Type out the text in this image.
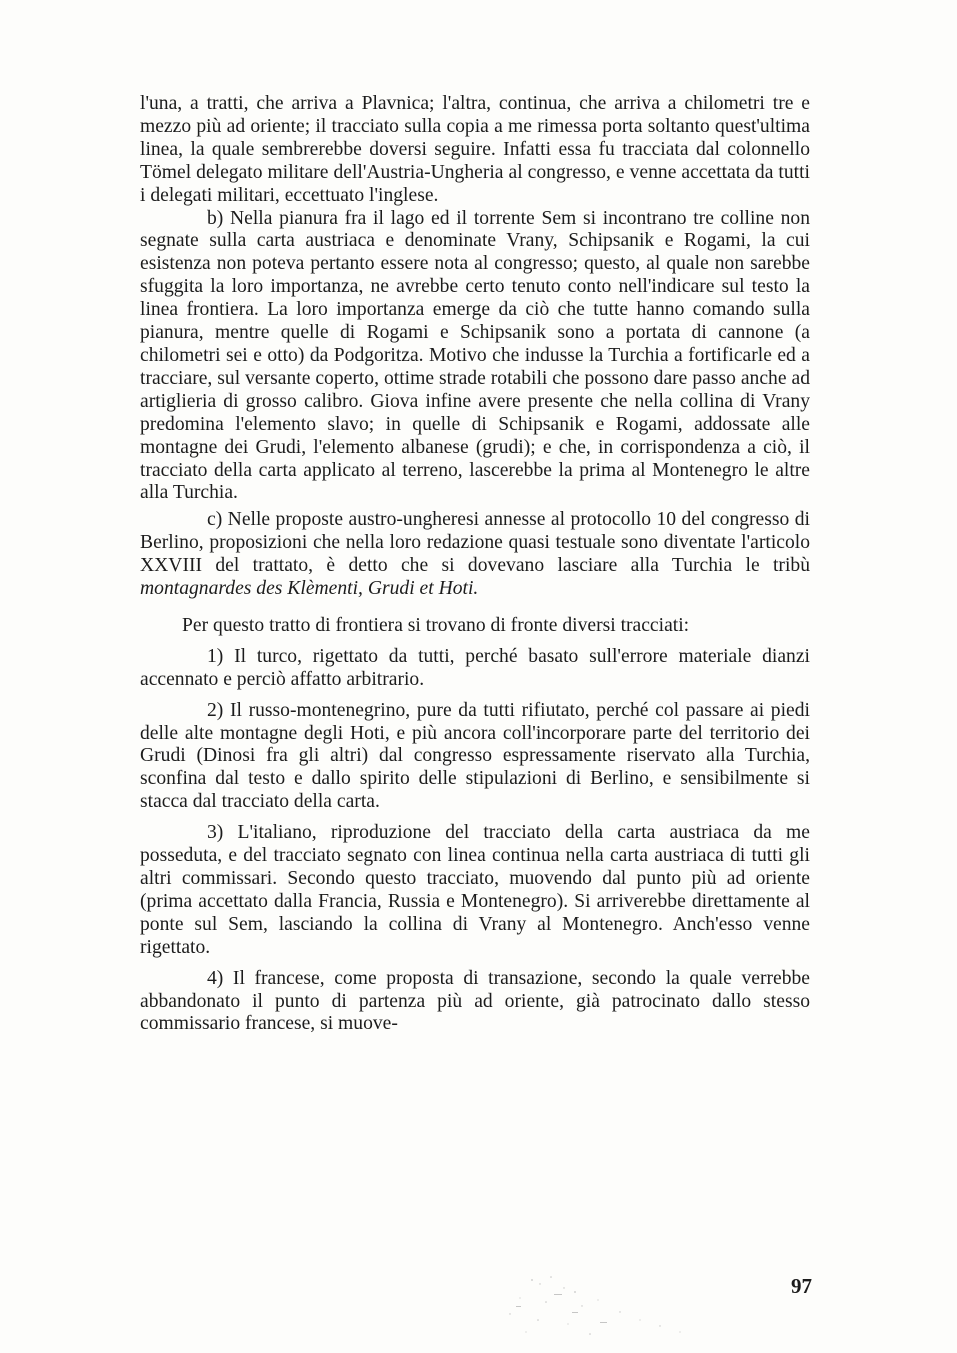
l'una, a tratti, che arriva a Plavnica; l'altra, continua, che arriva a chilometri tre e mezzo più ad oriente; il tracciato sulla copia a me rimessa porta soltanto quest'ultima linea, la quale sembrerebbe doversi seguire. Infatti essa fu tracciata dal colonnello Tömel delegato militare dell'Austria-Ungheria al congresso, e venne accettata da tutti i delegati militari, eccettuato l'inglese.

b) Nella pianura fra il lago ed il torrente Sem si incontrano tre colline non segnate sulla carta austriaca e denominate Vrany, Schipsanik e Rogami, la cui esistenza non poteva pertanto essere nota al congresso; questo, al quale non sarebbe sfuggita la loro importanza, ne avrebbe certo tenuto conto nell'indicare sul testo la linea frontiera. La loro importanza emerge da ciò che tutte hanno comando sulla pianura, mentre quelle di Rogami e Schipsanik sono a portata di cannone (a chilometri sei e otto) da Podgoritza. Motivo che indusse la Turchia a fortificarle ed a tracciare, sul versante coperto, ottime strade rotabili che possono dare passo anche ad artiglieria di grosso calibro. Giova infine avere presente che nella collina di Vrany predomina l'elemento slavo; in quelle di Schipsanik e Rogami, addossate alle montagne dei Grudi, l'elemento albanese (grudi); e che, in corrispondenza a ciò, il tracciato della carta applicato al terreno, lascerebbe la prima al Montenegro le altre alla Turchia.

c) Nelle proposte austro-ungheresi annesse al protocollo 10 del congresso di Berlino, proposizioni che nella loro redazione quasi testuale sono diventate l'articolo XXVIII del trattato, è detto che si dovevano lasciare alla Turchia le tribù montagnardes des Klèmenti, Grudi et Hoti.

Per questo tratto di frontiera si trovano di fronte diversi tracciati:

1) Il turco, rigettato da tutti, perché basato sull'errore materiale dianzi accennato e perciò affatto arbitrario.

2) Il russo-montenegrino, pure da tutti rifiutato, perché col passare ai piedi delle alte montagne degli Hoti, e più ancora coll'incorporare parte del territorio dei Grudi (Dinosi fra gli altri) dal congresso espressamente riservato alla Turchia, sconfina dal testo e dallo spirito delle stipulazioni di Berlino, e sensibilmente si stacca dal tracciato della carta.

3) L'italiano, riproduzione del tracciato della carta austriaca da me posseduta, e del tracciato segnato con linea continua nella carta austriaca di tutti gli altri commissari. Secondo questo tracciato, muovendo dal punto più ad oriente (prima accettato dalla Francia, Russia e Montenegro). Si arriverebbe direttamente al ponte sul Sem, lasciando la collina di Vrany al Montenegro. Anch'esso venne rigettato.

4) Il francese, come proposta di transazione, secondo la quale verrebbe abbandonato il punto di partenza più ad oriente, già patrocinato dallo stesso commissario francese, si muove-

97
